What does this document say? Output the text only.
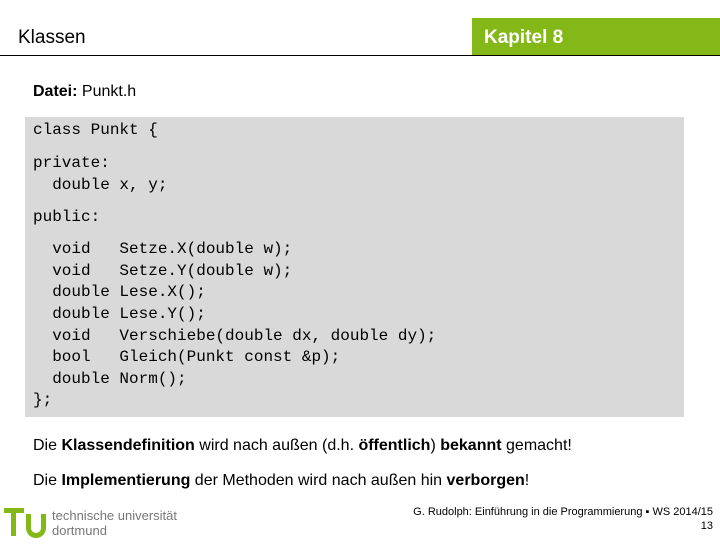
Klassen	Kapitel 8
Datei: Punkt.h
class Punkt {
private:
double x, y;
public:
void   Setze.X(double w);
void   Setze.Y(double w);
double Lese.X();
double Lese.Y();
void   Verschiebe(double dx, double dy);
bool   Gleich(Punkt const &p);
double Norm();
};
Die Klassendefinition wird nach außen (d.h. öffentlich) bekannt gemacht!
Die Implementierung der Methoden wird nach außen hin verborgen!
technische universität
dortmund
G. Rudolph: Einführung in die Programmierung ▪ WS 2014/15
13
